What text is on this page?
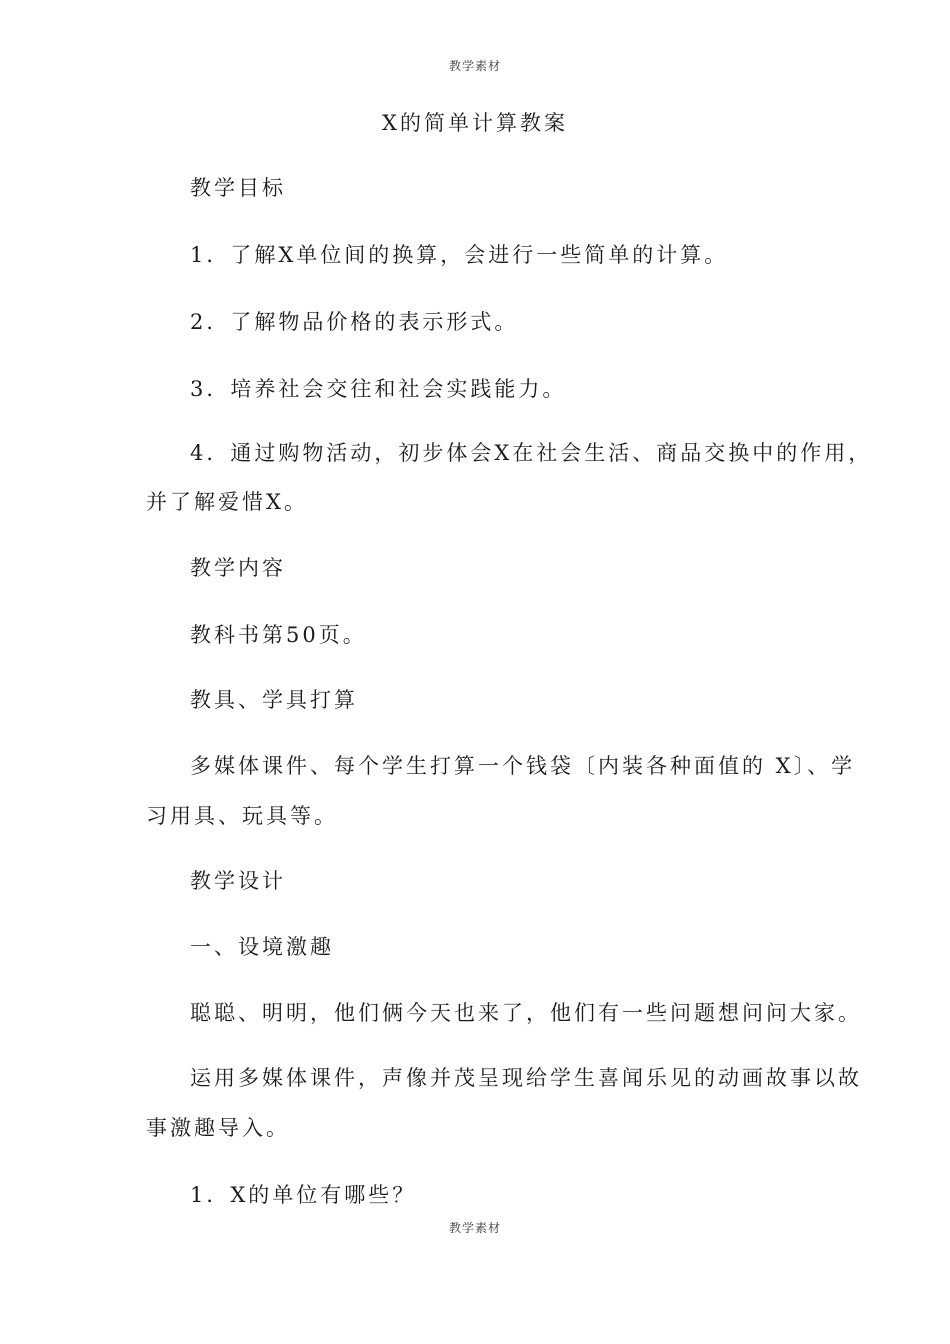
教学素材
X的简单计算教案
教学目标
1．了解X单位间的换算，会进行一些简单的计算。
2．了解物品价格的表示形式。
3．培养社会交往和社会实践能力。
4．通过购物活动，初步体会X在社会生活、商品交换中的作用，
并了解爱惜X。
教学内容
教科书第50页。
教具、学具打算
多媒体课件、每个学生打算一个钱袋〔内装各种面值的 X〕、学
习用具、玩具等。
教学设计
一、设境激趣
聪聪、明明，他们俩今天也来了，他们有一些问题想问问大家。
运用多媒体课件，声像并茂呈现给学生喜闻乐见的动画故事以故
事激趣导入。
1．X的单位有哪些？
教学素材
